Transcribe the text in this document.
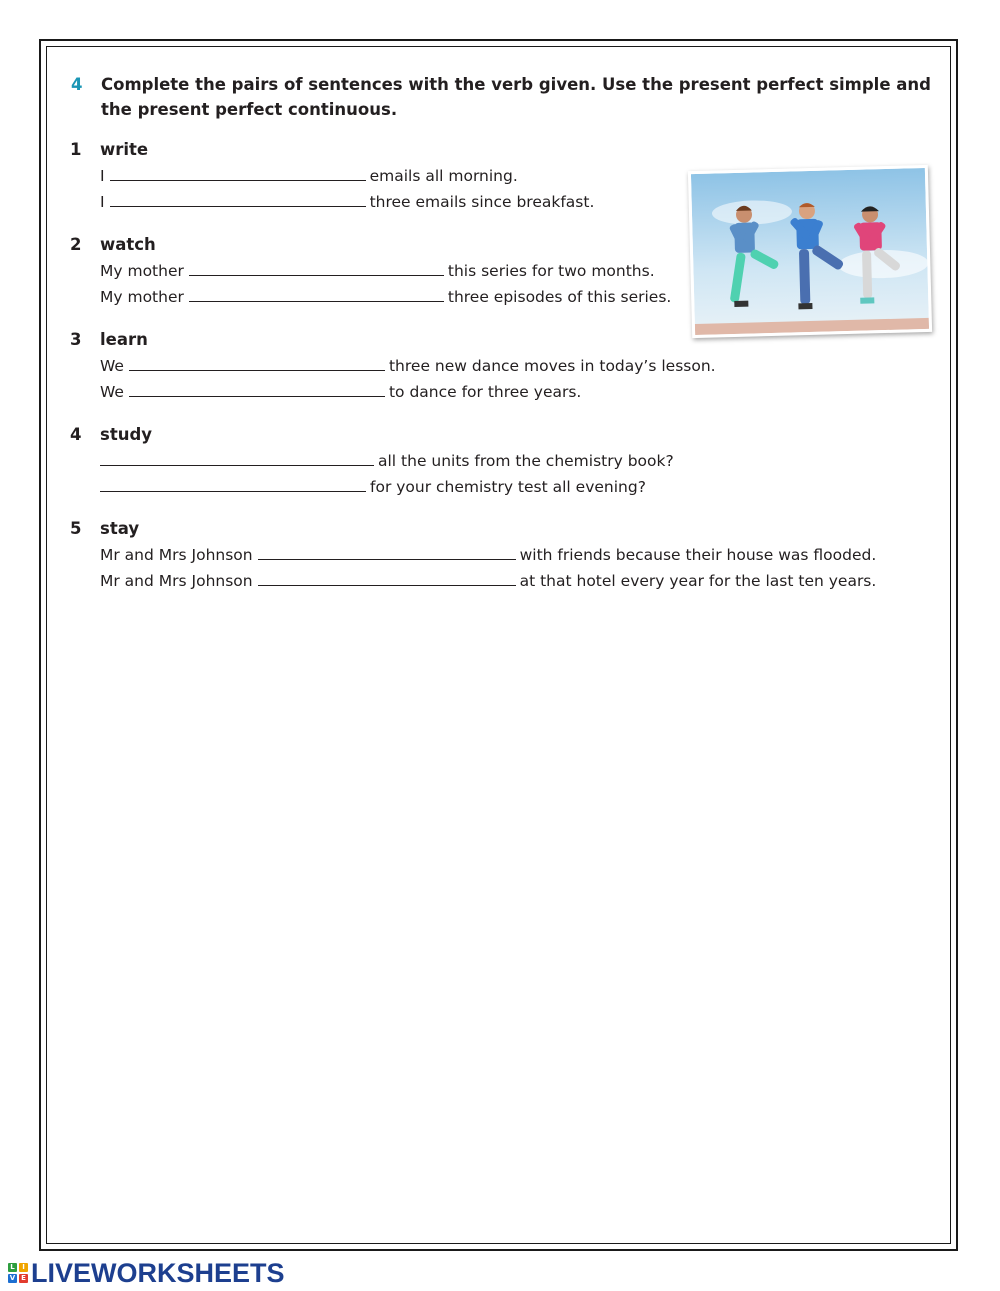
4 Complete the pairs of sentences with the verb given. Use the present perfect simple and the present perfect continuous.
1 write
I	emails all morning.
I	three emails since breakfast.
2 watch
My mother	this series for two months.
My mother	three episodes of this series.
3 learn
We	three new dance moves in today’s lesson.
We	to dance for three years.
4 study
all the units from the chemistry book?
for your chemistry test all evening?
5 stay
Mr and Mrs Johnson	with friends because their house was flooded.
Mr and Mrs Johnson	at that hotel every year for the last ten years.
L	I
V E LIVEWORKSHEETS
